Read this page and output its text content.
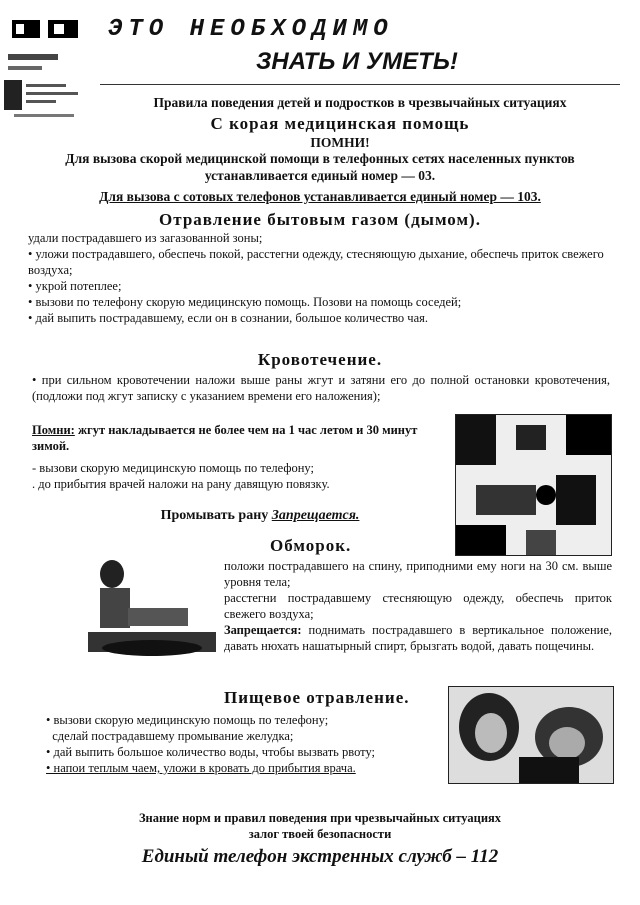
ЭТО НЕОБХОДИМО
ЗНАТЬ И УМЕТЬ!
Правила поведения детей и подростков в чрезвычайных ситуациях
С корая медицинская помощь
ПОМНИ!
Для вызова скорой медицинской помощи в телефонных сетях населенных пунктов устанавливается единый номер — 03.
Для вызова с сотовых телефонов устанавливается единый номер — 103.
Отравление бытовым газом (дымом).
удали пострадавшего из загазованной зоны;
• уложи пострадавшего, обеспечь покой, расстегни одежду, стесняющую дыхание, обеспечь приток свежего воздуха;
• укрой потеплее;
• вызови по телефону скорую медицинскую помощь. Позови на помощь соседей;
• дай выпить пострадавшему, если он в сознании, большое количество чая.
Кровотечение.
• при сильном кровотечении наложи выше раны жгут и затяни его до полной остановки кровотечения, (подложи под жгут записку с указанием времени его наложения);
Помни: жгут накладывается не более чем на 1 час летом и 30 минут зимой.
- вызови скорую медицинскую помощь по телефону;
. до прибытия врачей наложи на рану давящую повязку.
Промывать рану Запрещается.
Обморок.
положи пострадавшего на спину, приподними ему ноги на 30 см. выше уровня тела;
расстегни пострадавшему стесняющую одежду, обеспечь приток свежего воздуха;
Запрещается: поднимать пострадавшего в вертикальное положение, давать нюхать нашатырный спирт, брызгать водой, давать пощечины.
Пищевое отравление.
• вызови скорую медицинскую помощь по телефону;
сделай пострадавшему промывание желудка;
• дай выпить большое количество воды, чтобы вызвать рвоту;
• напои теплым чаем, уложи в кровать до прибытия врача.
Знание норм и правил поведения при чрезвычайных ситуациях
залог твоей безопасности
Единый телефон экстренных служб – 112
